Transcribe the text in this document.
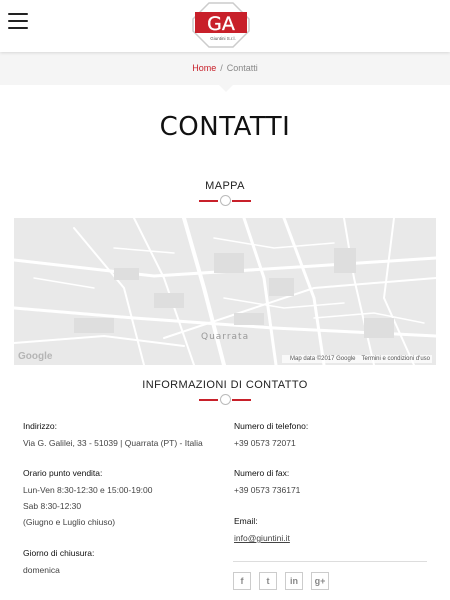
GA
Giuntini S.r.l.
Home / Contatti
CONTATTI
MAPPA
Quarrata
Google	Map data ©2017 Google Termini e condizioni d'uso
INFORMAZIONI DI CONTATTO
Indirizzo:
Via G. Galilei, 33 - 51039 | Quarrata (PT) - Italia
Orario punto vendita:
Lun-Ven 8:30-12:30 e 15:00-19:00
Sab 8:30-12:30
(Giugno e Luglio chiuso)
Giorno di chiusura:
domenica
Numero di telefono:
+39 0573 72071
Numero di fax:
+39 0573 736171
Email:
info@giuntini.it
f	t	in	g+
